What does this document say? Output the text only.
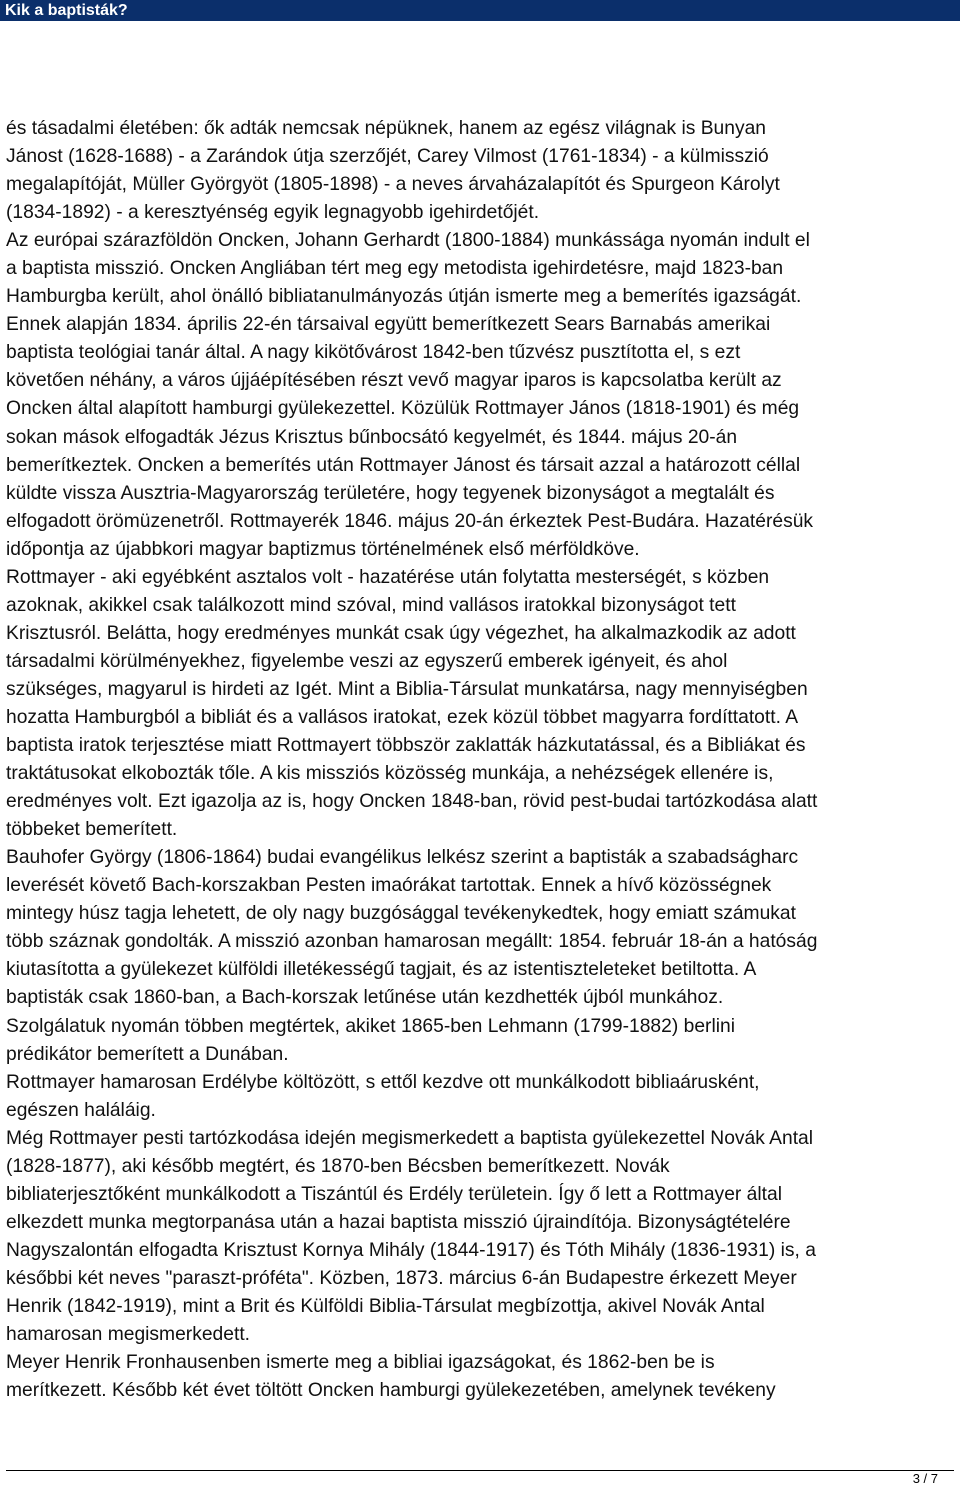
Kik a baptisták?
és tásadalmi életében: ők adták nemcsak népüknek, hanem az egész világnak is Bunyan
Jánost (1628-1688) - a Zarándok útja szerzőjét, Carey Vilmost (1761-1834) - a külmisszió
megalapítóját, Müller Györgyöt (1805-1898) - a neves árvaházalapítót és Spurgeon Károlyt
(1834-1892) - a keresztyénség egyik legnagyobb igehirdetőjét.
Az európai szárazföldön Oncken, Johann Gerhardt (1800-1884) munkássága nyomán indult el
a baptista misszió. Oncken Angliában tért meg egy metodista igehirdetésre, majd 1823-ban
Hamburgba került, ahol önálló bibliatanulmányozás útján ismerte meg a bemerítés igazságát.
Ennek alapján 1834. április 22-én társaival együtt bemerítkezett Sears Barnabás amerikai
baptista teológiai tanár által. A nagy kikötővárost 1842-ben tűzvész pusztította el, s ezt
követően néhány, a város újjáépítésében részt vevő magyar iparos is kapcsolatba került az
Oncken által alapított hamburgi gyülekezettel. Közülük Rottmayer János (1818-1901) és még
sokan mások elfogadták Jézus Krisztus bűnbocsátó kegyelmét, és 1844. május 20-án
bemerítkeztek. Oncken a bemerítés után Rottmayer Jánost és társait azzal a határozott céllal
küldte vissza Ausztria-Magyarország területére, hogy tegyenek bizonyságot a megtalált és
elfogadott örömüzenetről. Rottmayerék 1846. május 20-án érkeztek Pest-Budára. Hazatérésük
időpontja az újabbkori magyar baptizmus történelmének első mérföldköve.
Rottmayer - aki egyébként asztalos volt - hazatérése után folytatta mesterségét, s közben
azoknak, akikkel csak találkozott mind szóval, mind vallásos iratokkal bizonyságot tett
Krisztusról. Belátta, hogy eredményes munkát csak úgy végezhet, ha alkalmazkodik az adott
társadalmi körülményekhez, figyelembe veszi az egyszerű emberek igényeit, és ahol
szükséges, magyarul is hirdeti az Igét. Mint a Biblia-Társulat munkatársa, nagy mennyiségben
hozatta Hamburgból a bibliát és a vallásos iratokat, ezek közül többet magyarra fordíttatott. A
baptista iratok terjesztése miatt Rottmayert többször zaklatták házkutatással, és a Bibliákat és
traktátusokat elkobozták tőle. A kis missziós közösség munkája, a nehézségek ellenére is,
eredményes volt. Ezt igazolja az is, hogy Oncken 1848-ban, rövid pest-budai tartózkodása alatt
többeket bemerített.
Bauhofer György (1806-1864) budai evangélikus lelkész szerint a baptisták a szabadságharc
leverését követő Bach-korszakban Pesten imaórákat tartottak. Ennek a hívő közösségnek
mintegy húsz tagja lehetett, de oly nagy buzgósággal tevékenykedtek, hogy emiatt számukat
több száznak gondolták. A misszió azonban hamarosan megállt: 1854. február 18-án a hatóság
kiutasította a gyülekezet külföldi illetékességű tagjait, és az istentiszteleteket betiltotta. A
baptisták csak 1860-ban, a Bach-korszak letűnése után kezdhették újból munkához.
Szolgálatuk nyomán többen megtértek, akiket 1865-ben Lehmann (1799-1882) berlini
prédikátor bemerített a Dunában.
Rottmayer hamarosan Erdélybe költözött, s ettől kezdve ott munkálkodott bibliaárusként,
egészen haláláig.
Még Rottmayer pesti tartózkodása idején megismerkedett a baptista gyülekezettel Novák Antal
(1828-1877), aki később megtért, és 1870-ben Bécsben bemerítkezett. Novák
bibliaterjesztőként munkálkodott a Tiszántúl és Erdély területein. Így ő lett a Rottmayer által
elkezdett munka megtorpanása után a hazai baptista misszió újraindítója. Bizonyságtételére
Nagyszalontán elfogadta Krisztust Kornya Mihály (1844-1917) és Tóth Mihály (1836-1931) is, a
későbbi két neves "paraszt-próféta". Közben, 1873. március 6-án Budapestre érkezett Meyer
Henrik (1842-1919), mint a Brit és Külföldi Biblia-Társulat megbízottja, akivel Novák Antal
hamarosan megismerkedett.
Meyer Henrik Fronhausenben ismerte meg a bibliai igazságokat, és 1862-ben be is
merítkezett. Később két évet töltött Oncken hamburgi gyülekezetében, amelynek tevékeny
3 / 7
